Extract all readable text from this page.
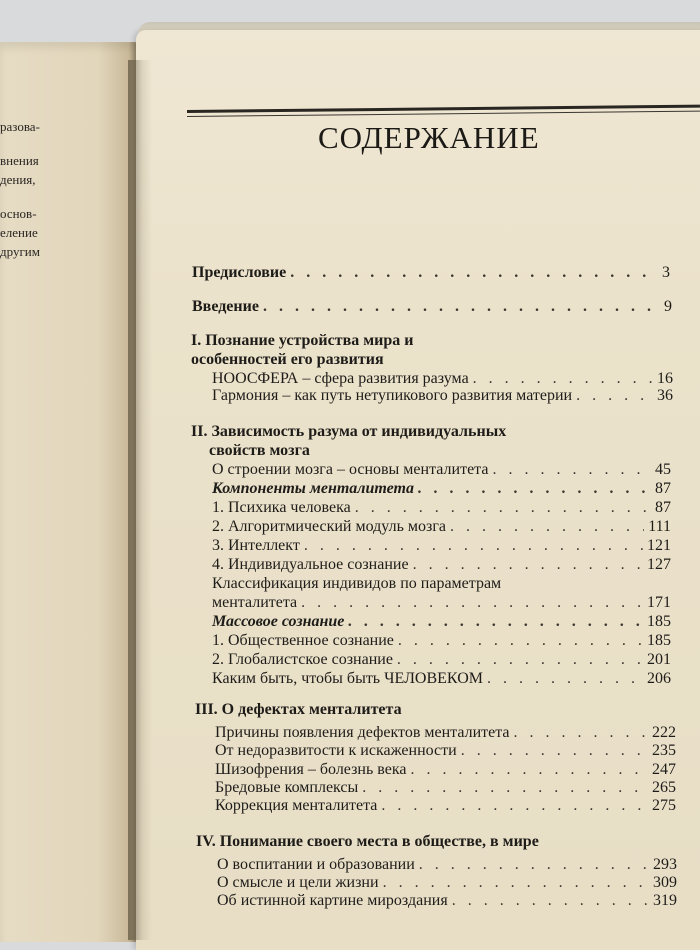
разова-
внения
дения,
основ-
еление
другим
СОДЕРЖАНИЕ
Предисловие . . .	3
Введение . . .	9
I. Познание устройства мира и
особенностей его развития
НООСФЕРА – сфера развития разума . . .	16
Гармония – как путь нетупикового развития материи . . .	36
II. Зависимость разума от индивидуальных
свойств мозга
О строении мозга – основы менталитета . . .	45
Компоненты менталитета . . .	87
1. Психика человека . . .	87
2. Алгоритмический модуль мозга . . .	111
3. Интеллект . . .	121
4. Индивидуальное сознание . . .	127
Классификация индивидов по параметрам
менталитета . . .	171
Массовое сознание . . .	185
1. Общественное сознание . . .	185
2. Глобалистское сознание . . .	201
Каким быть, чтобы быть ЧЕЛОВЕКОМ . . .	206
III. О дефектах менталитета
Причины появления дефектов менталитета . . .	222
От недоразвитости к искаженности . . .	235
Шизофрения – болезнь века . . .	247
Бредовые комплексы . . .	265
Коррекция менталитета . . .	275
IV. Понимание своего места в обществе, в мире
О воспитании и образовании . . .	293
О смысле и цели жизни . . .	309
Об истинной картине мироздания . . .	319
